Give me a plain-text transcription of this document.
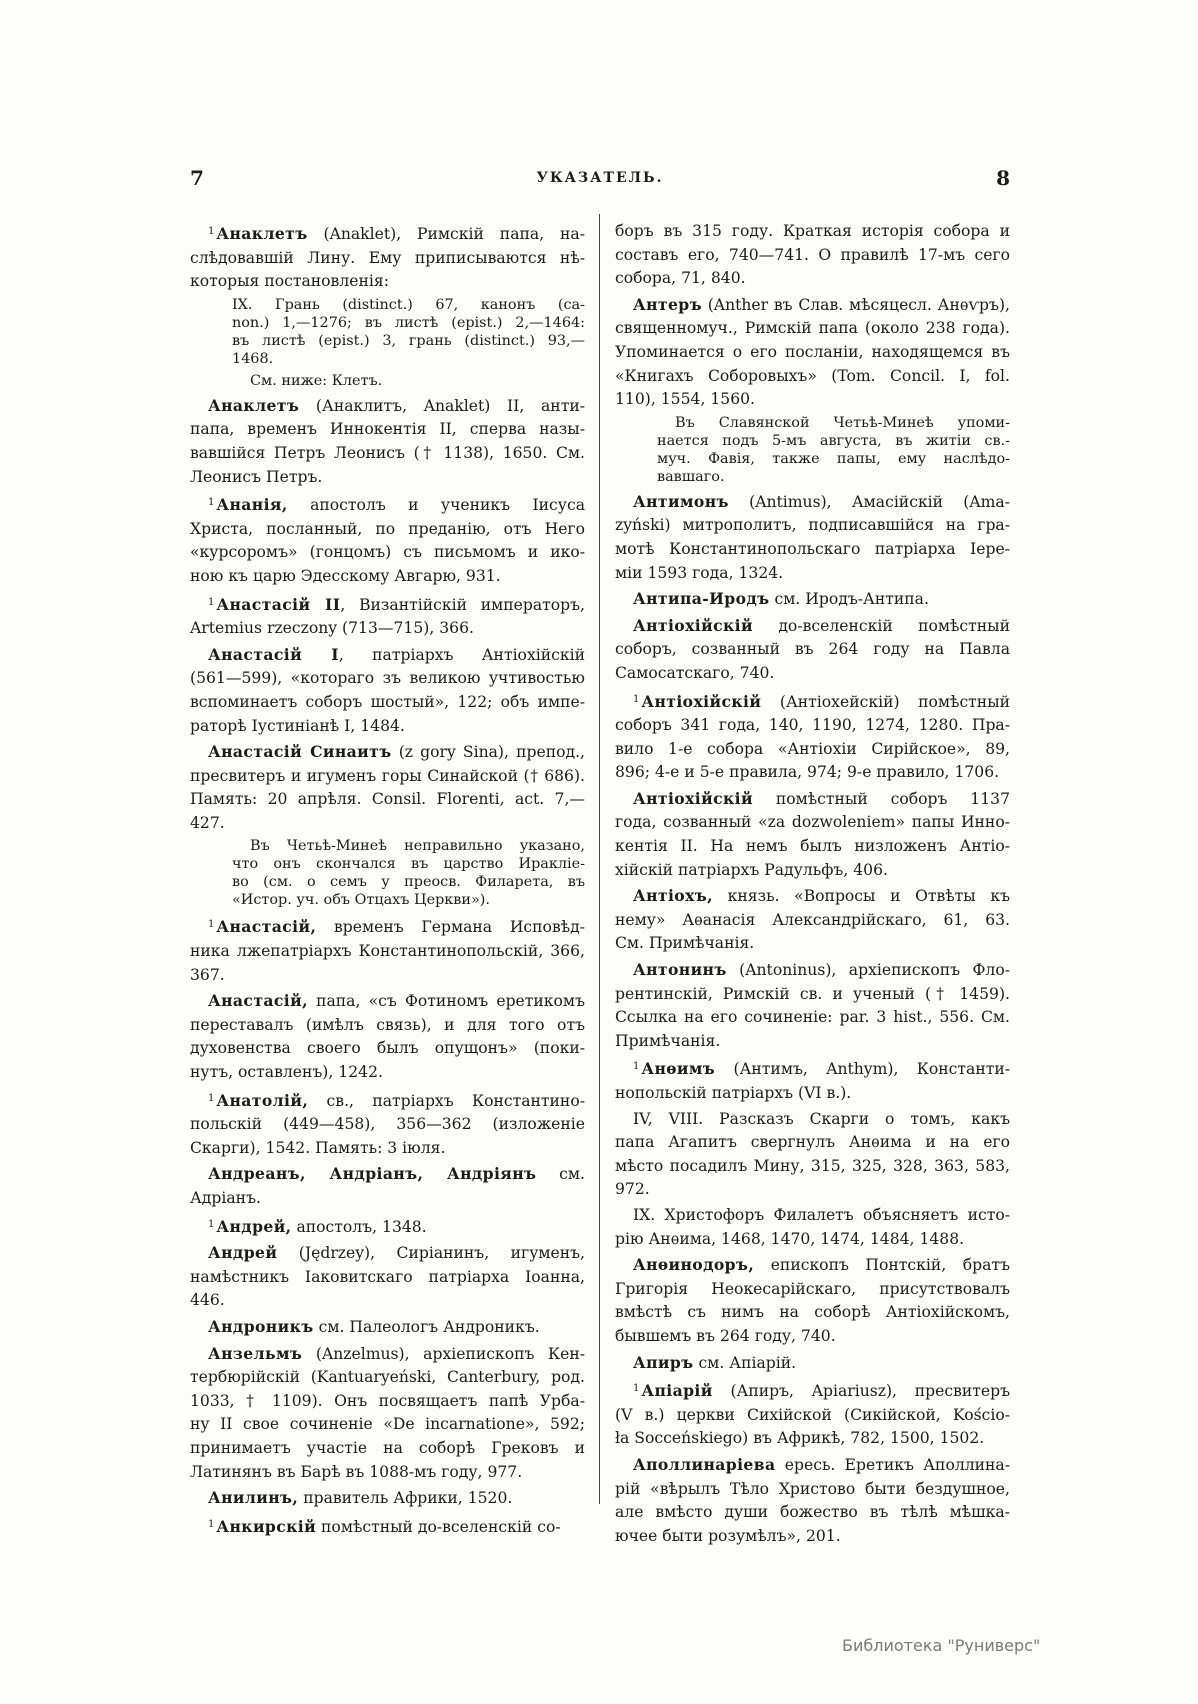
7	УКАЗАТЕЛЬ.	8
$^1$ Анаклетъ (Anaklet), Римскій папа, на-
слѣдовавшій Лину. Ему приписываются нѣ-
которыя постановленія:
IX. Грань (distinct.) 67, канонъ (ca-
non.) 1,—1276; въ листѣ (epist.) 2,—1464:
въ листѣ (epist.) 3, грань (distinct.) 93,—
1468.
См. ниже: Клетъ.
Анаклетъ (Анаклитъ, Anaklet) II, анти-
папа, временъ Иннокентія II, сперва назы-
вавшійся Петръ Леонисъ († 1138), 1650. См.
Леонисъ Петръ.
$^1$ Ананія, апостолъ и ученикъ Іисуса
Христа, посланный, по преданію, отъ Него
«курсоромъ» (гонцомъ) съ письмомъ и ико-
ною къ царю Эдесскому Авгарю, 931.
$^1$ Анастасій II, Византійскій императоръ,
Artemius rzeczony (713—715), 366.
Анастасій I, патріархъ Антіохійскій
(561—599), «котораго зъ великою учтивостью
вспоминаетъ соборъ шостый», 122; объ импе-
раторѣ Іустиніанѣ I, 1484.
Анастасій Синаитъ (z gory Sina), препод.,
пресвитеръ и игуменъ горы Синайской († 686).
Память: 20 апрѣля. Consil. Florenti, act. 7,—
427.
Въ Четьѣ-Минеѣ неправильно указано,
что онъ скончался въ царство Ираклie-
во (см. о семъ у преосв. Филарета, въ
«Истор. уч. объ Отцахъ Церкви»).
$^1$ Анастасій, временъ Германа Исповѣд-
ника лжепатріархъ Константинопольскій, 366,
367.
Анастасій, папа, «съ Фотиномъ еретикомъ
переставалъ (имѣлъ связь), и для того отъ
духовенства своего былъ опущонъ» (поки-
нутъ, оставленъ), 1242.
$^1$ Анатолій, св., патріархъ Константино-
польскій (449—458), 356—362 (изложеніе
Скарги), 1542. Память: 3 іюля.
Андреанъ, Андріанъ, Андріянъ см.
Адріанъ.
$^1$ Андрей, апостолъ, 1348.
Андрей (Jędrzey), Сиріанинъ, игуменъ,
намѣстникъ Іаковитскаго патріарха Іоанна,
446.
Андроникъ см. Палеологъ Андроникъ.
Анзельмъ (Anzelmus), архіепископъ Кен-
тербюрійскій (Kantuaryeński, Canterbury, род.
1033, † 1109). Онъ посвящаетъ папѣ Урба-
ну II свое сочиненіе «De incarnatione», 592;
принимаетъ участіе на соборѣ Грековъ и
Латинянъ въ Барѣ въ 1088-мъ году, 977.
Анилинъ, правитель Африки, 1520.
$^1$ Анкирскій помѣстный до-вселенскій со-
боръ въ 315 году. Краткая исторія собора и
составъ его, 740—741. О правилѣ 17-мъ сего
собора, 71, 840.
Антеръ (Anther въ Слав. мѣсяцесл. Анѳѵръ),
священномуч., Римскій папа (около 238 года).
Упоминается о его посланіи, находящемся въ
«Книгахъ Соборовыхъ» (Tom. Concil. I, fol.
110), 1554, 1560.
Въ Славянской Четьѣ-Минеѣ упоми-
нается подъ 5-мъ августа, въ житіи св.-
муч. Фавія, также папы, ему наслѣдо-
вавшаго.
Антимонъ (Antimus), Амасійскій (Ama-
zyński) митрополитъ, подписавшійся на гра-
мотѣ Константинопольскаго патріарха Іере-
міи 1593 года, 1324.
Антипа-Иродъ см. Иродъ-Антипа.
Антіохійскій до-вселенскій помѣстный
соборъ, созванный въ 264 году на Павла
Самосатскаго, 740.
$^1$ Антіохійскій (Антіохейскій) помѣстный
соборъ 341 года, 140, 1190, 1274, 1280. Пра-
вило 1-е собора «Антіохіи Сирійское», 89,
896; 4-е и 5-е правила, 974; 9-е правило, 1706.
Антіохійскій помѣстный соборъ 1137
года, созванный «za dozwoleniem» папы Инно-
кентія II. На немъ былъ низложенъ Антіо-
хійскій патріархъ Радульфъ, 406.
Антіохъ, князь. «Вопросы и Отвѣты къ
нему» Аѳанасія Александрійскаго, 61, 63.
См. Примѣчанія.
Антонинъ (Antoninus), архіепископъ Фло-
рентинскій, Римскій св. и ученый († 1459).
Ссылка на его сочиненіе: par. 3 hist., 556. См.
Примѣчанія.
$^1$ Анѳимъ (Антимъ, Anthym), Константи-
нопольскій патріархъ (VI в.).
IV, VIII. Разсказъ Скарги о томъ, какъ
папа Агапитъ свергнулъ Анѳима и на его
мѣсто посадилъ Мину, 315, 325, 328, 363, 583,
972.
IX. Христофоръ Филалетъ объясняетъ исто-
рію Анѳима, 1468, 1470, 1474, 1484, 1488.
Анѳинодоръ, епископъ Понтскій, братъ
Григорія Неокесарійскаго, присутствовалъ
вмѣстѣ съ нимъ на соборѣ Антіохійскомъ,
бывшемъ въ 264 году, 740.
Апиръ см. Апіарій.
$^1$ Апіарій (Апиръ, Apiariusz), пресвитеръ
(V в.) церкви Сихійской (Сикійской, Kościo-
ła Socceńskiego) въ Африкѣ, 782, 1500, 1502.
Аполлинаріева ересь. Еретикъ Аполлина-
рій «вѣрылъ Тѣло Христово быти бездушное,
але вмѣсто души божество въ тѣлѣ мѣшка-
ючее быти розумѣлъ», 201.
Библиотека "Руниверс"
